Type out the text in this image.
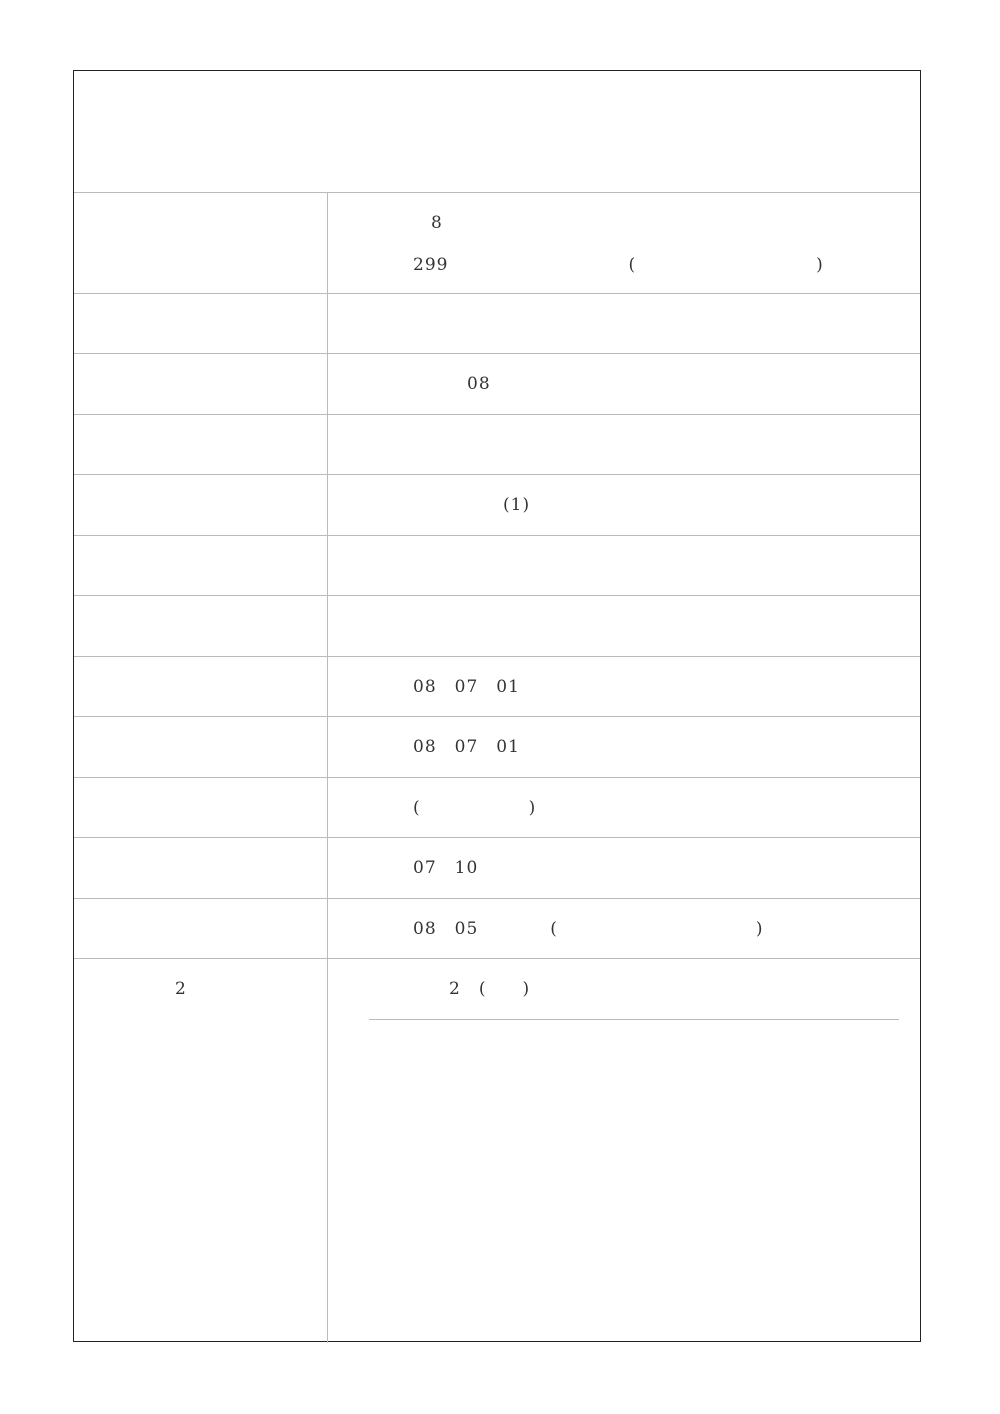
　　　8　　　
　　299　　　　　　　　　　(　　　　　　　　　　)

　　　　　08　　

　　　　　　　(1)

　　08　07　01　　　　

　　08　07　01　　　　　　　

　　(　　　　　　)

　　07　10　　　　

　　08　05　　　　(　　　　　　　　　　　)
　　2　　　	　　　　2　(　　)　　
